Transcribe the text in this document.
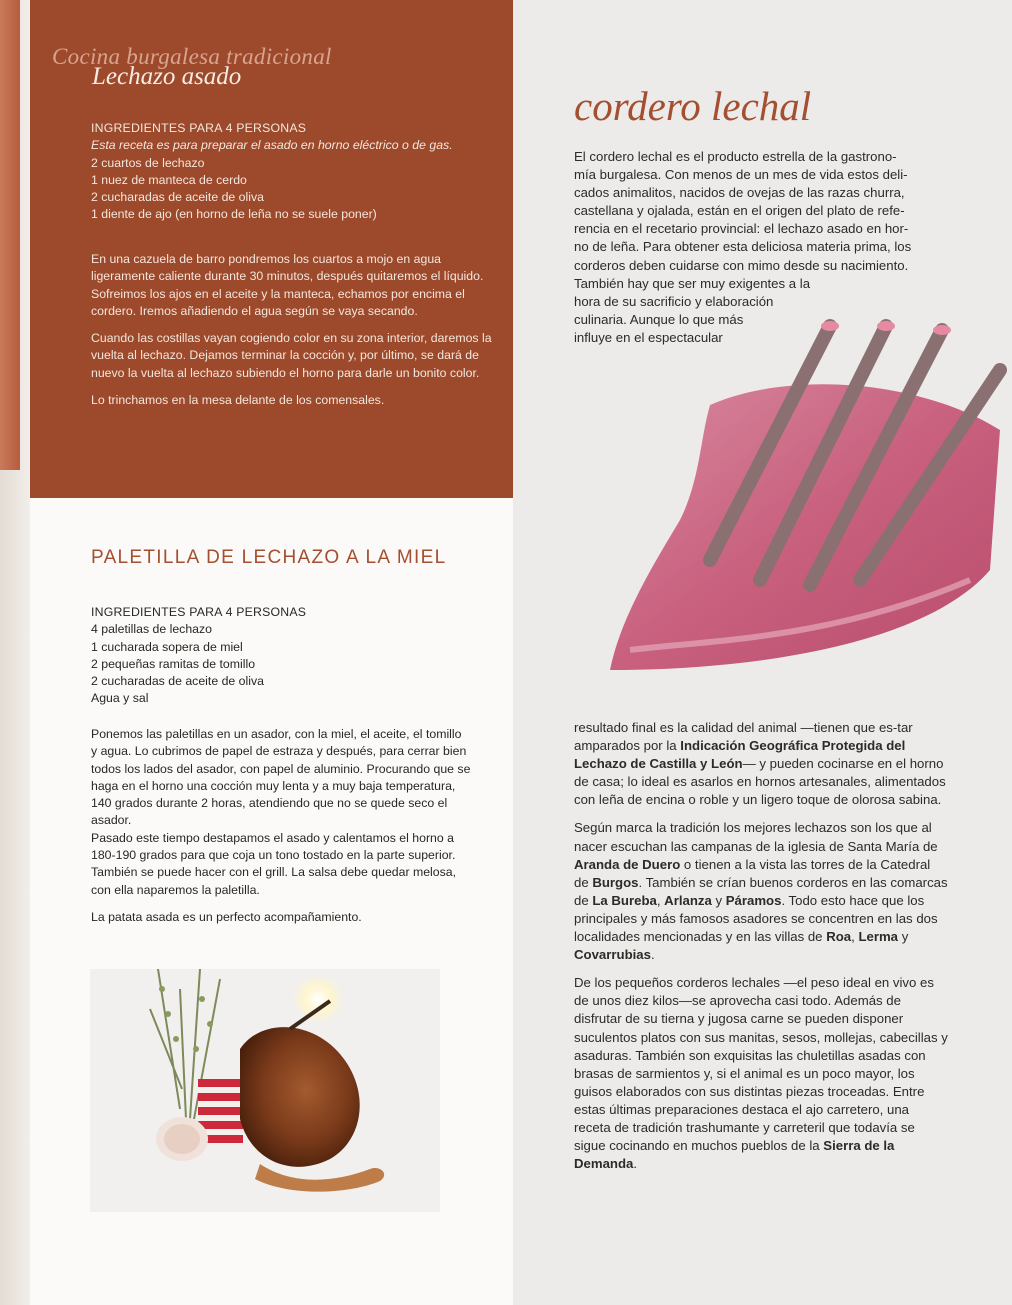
Cocina burgalesa tradicional
Lechazo asado

INGREDIENTES PARA 4 PERSONAS

Esta receta es para preparar el asado en horno eléctrico o de gas.

2 cuartos de lechazo

1 nuez de manteca de cerdo

2 cucharadas de aceite de oliva

1 diente de ajo (en horno de leña no se suele poner)

En una cazuela de barro pondremos los cuartos a mojo en agua ligeramente caliente durante 30 minutos, después quitaremos el líquido. Sofreimos los ajos en el aceite y la manteca, echamos por encima el cordero. Iremos añadiendo el agua según se vaya secando.

Cuando las costillas vayan cogiendo color en su zona interior, daremos la vuelta al lechazo. Dejamos terminar la cocción y, por último, se dará de nuevo la vuelta al lechazo subiendo el horno para darle un bonito color.

Lo trinchamos en la mesa delante de los comensales.

PALETILLA DE LECHAZO A LA MIEL

INGREDIENTES PARA 4 PERSONAS

4 paletillas de lechazo

1 cucharada sopera de miel

2 pequeñas ramitas de tomillo

2 cucharadas de aceite de oliva

Agua y sal

Ponemos las paletillas en un asador, con la miel, el aceite, el tomillo y agua. Lo cubrimos de papel de estraza y después, para cerrar bien todos los lados del asador, con papel de aluminio. Procurando que se haga en el horno una cocción muy lenta y a muy baja temperatura, 140 grados durante 2 horas, atendiendo que no se quede seco el asador.

Pasado este tiempo destapamos el asado y calentamos el horno a 180-190 grados para que coja un tono tostado en la parte superior. También se puede hacer con el grill. La salsa debe quedar melosa, con ella naparemos la paletilla.

La patata asada es un perfecto acompañamiento.

cordero lechal

El cordero lechal es el producto estrella de la gastrono-

mía burgalesa. Con menos de un mes de vida estos deli-

cados animalitos, nacidos de ovejas de las razas churra,

castellana y ojalada, están en el origen del plato de refe-

rencia en el recetario provincial: el lechazo asado en hor-

no de leña. Para obtener esta deliciosa materia prima, los

corderos deben cuidarse con mimo desde su nacimiento.

También hay que ser muy exigentes a la

hora de su sacrificio y elaboración

culinaria. Aunque lo que más

influye en el espectacular

resultado final es la calidad del animal —tienen que es-tar amparados por la Indicación Geográfica Protegida del Lechazo de Castilla y León— y pueden cocinarse en el horno de casa; lo ideal es asarlos en hornos artesanales, alimentados con leña de encina o roble y un ligero toque de olorosa sabina.

Según marca la tradición los mejores lechazos son los que al nacer escuchan las campanas de la iglesia de Santa María de Aranda de Duero o tienen a la vista las torres de la Catedral de Burgos. También se crían buenos corderos en las comarcas de La Bureba, Arlanza y Páramos. Todo esto hace que los principales y más famosos asadores se concentren en las dos localidades mencionadas y en las villas de Roa, Lerma y Covarrubias.

De los pequeños corderos lechales —el peso ideal en vivo es de unos diez kilos—se aprovecha casi todo. Además de disfrutar de su tierna y jugosa carne se pueden disponer suculentos platos con sus manitas, sesos, mollejas, cabecillas y asaduras. También son exquisitas las chuletillas asadas con brasas de sarmientos y, si el animal es un poco mayor, los guisos elaborados con sus distintas piezas troceadas. Entre estas últimas preparaciones destaca el ajo carretero, una receta de tradición trashumante y carreteril que todavía se sigue cocinando en muchos pueblos de la Sierra de la Demanda.
